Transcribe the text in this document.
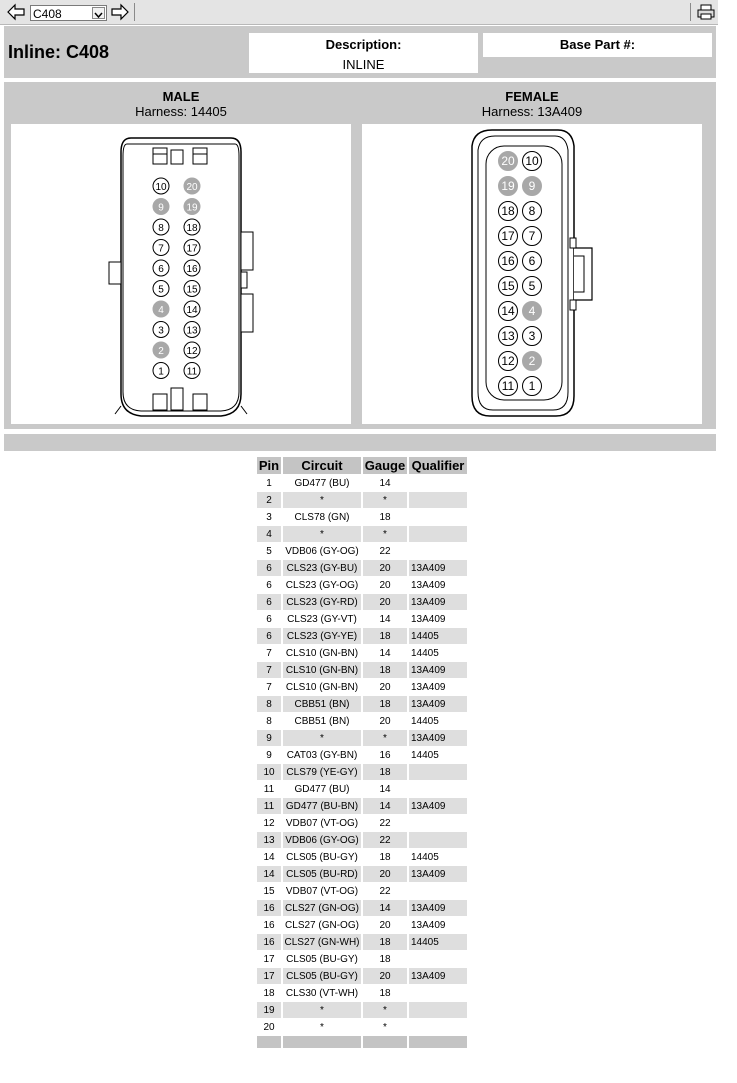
C408
Inline: C408	Description:
INLINE
Base Part #:
MALE
Harness: 14405
FEMALE
Harness: 13A409
10 20
9 19
8 18
7 17
6 16
5 15
4 14
3 13
2 12
1 11
20 10
19 9
18 8
17 7
16 6
15 5
14 4
13 3
12 2
11 1
Pin	Circuit	Gauge	Qualifier
1	GD477 (BU)	14	
2	*	*	
3	CLS78 (GN)	18	
4	*	*	
5	VDB06 (GY-OG)	22	
6	CLS23 (GY-BU)	20	13A409
6	CLS23 (GY-OG)	20	13A409
6	CLS23 (GY-RD)	20	13A409
6	CLS23 (GY-VT)	14	13A409
6	CLS23 (GY-YE)	18	14405
7	CLS10 (GN-BN)	14	14405
7	CLS10 (GN-BN)	18	13A409
7	CLS10 (GN-BN)	20	13A409
8	CBB51 (BN)	18	13A409
8	CBB51 (BN)	20	14405
9	*	*	13A409
9	CAT03 (GY-BN)	16	14405
10	CLS79 (YE-GY)	18	
11	GD477 (BU)	14	
11	GD477 (BU-BN)	14	13A409
12	VDB07 (VT-OG)	22	
13	VDB06 (GY-OG)	22	
14	CLS05 (BU-GY)	18	14405
14	CLS05 (BU-RD)	20	13A409
15	VDB07 (VT-OG)	22	
16	CLS27 (GN-OG)	14	13A409
16	CLS27 (GN-OG)	20	13A409
16	CLS27 (GN-WH)	18	14405
17	CLS05 (BU-GY)	18	
17	CLS05 (BU-GY)	20	13A409
18	CLS30 (VT-WH)	18	
19	*	*	
20	*	*	
